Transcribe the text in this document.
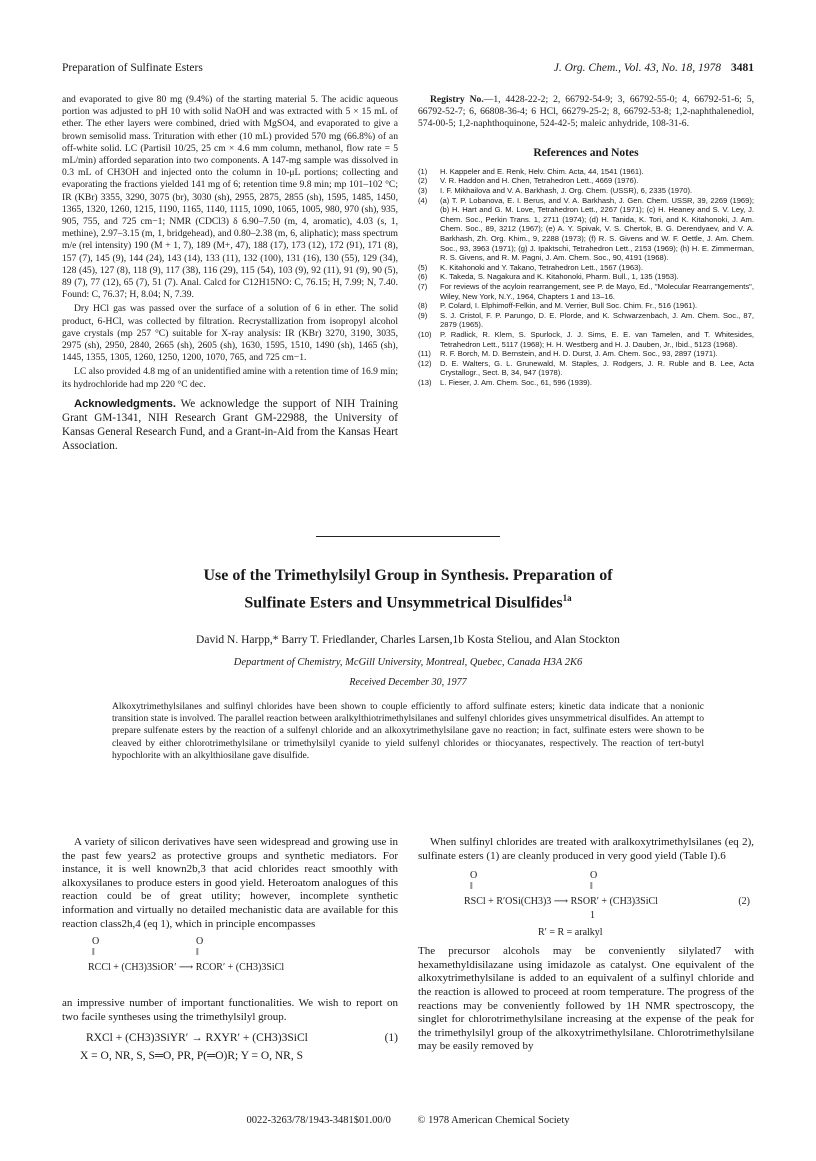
Preparation of Sulfinate Esters	J. Org. Chem., Vol. 43, No. 18, 1978 3481

and evaporated to give 80 mg (9.4%) of the starting material 5. The acidic aqueous portion was adjusted to pH 10 with solid NaOH and was extracted with 5 × 15 mL of ether. The ether layers were combined, dried with MgSO4, and evaporated to give a brown semisolid mass. Trituration with ether (10 mL) provided 570 mg (66.8%) of an off-white solid. LC (Partisil 10/25, 25 cm × 4.6 mm column, methanol, flow rate = 5 mL/min) afforded separation into two components. A 147-mg sample was dissolved in 0.3 mL of CH3OH and injected onto the column in 10-μL portions; collecting and evaporating the fractions yielded 141 mg of 6; retention time 9.8 min; mp 101–102 °C; IR (KBr) 3355, 3290, 3075 (br), 3030 (sh), 2955, 2875, 2855 (sh), 1595, 1485, 1450, 1365, 1320, 1260, 1215, 1190, 1165, 1140, 1115, 1090, 1065, 1005, 980, 970 (sh), 935, 905, 755, and 725 cm−1; NMR (CDCl3) δ 6.90–7.50 (m, 4, aromatic), 4.03 (s, 1, methine), 2.97–3.15 (m, 1, bridgehead), and 0.80–2.38 (m, 6, aliphatic); mass spectrum m/e (rel intensity) 190 (M + 1, 7), 189 (M+, 47), 188 (17), 173 (12), 172 (91), 171 (8), 157 (7), 145 (9), 144 (24), 143 (14), 133 (11), 132 (100), 131 (16), 130 (55), 129 (34), 128 (45), 127 (8), 118 (9), 117 (38), 116 (29), 115 (54), 103 (9), 92 (11), 91 (9), 90 (5), 89 (7), 77 (12), 65 (7), 51 (7). Anal. Calcd for C12H15NO: C, 76.15; H, 7.99; N, 7.40. Found: C, 76.37; H, 8.04; N, 7.39.

Dry HCl gas was passed over the surface of a solution of 6 in ether. The solid product, 6-HCl, was collected by filtration. Recrystallization from isopropyl alcohol gave crystals (mp 257 °C) suitable for X-ray analysis: IR (KBr) 3270, 3190, 3035, 2975 (sh), 2950, 2840, 2665 (sh), 2605 (sh), 1630, 1595, 1510, 1490 (sh), 1465 (sh), 1445, 1355, 1305, 1260, 1250, 1200, 1070, 765, and 725 cm−1.

LC also provided 4.8 mg of an unidentified amine with a retention time of 16.9 min; its hydrochloride had mp 220 °C dec.

Acknowledgments. We acknowledge the support of NIH Training Grant GM-1341, NIH Research Grant GM-22988, the University of Kansas General Research Fund, and a Grant-in-Aid from the Kansas Heart Association.

Registry No.—1, 4428-22-2; 2, 66792-54-9; 3, 66792-55-0; 4, 66792-51-6; 5, 66792-52-7; 6, 66808-36-4; 6 HCl, 66279-25-2; 8, 66792-53-8; 1,2-naphthalenediol, 574-00-5; 1,2-naphthoquinone, 524-42-5; maleic anhydride, 108-31-6.

References and Notes
(1)	H. Kappeler and E. Renk, Helv. Chim. Acta, 44, 1541 (1961).
(2)	V. R. Haddon and H. Chen, Tetrahedron Lett., 4669 (1976).
(3)	I. F. Mikhailova and V. A. Barkhash, J. Org. Chem. (USSR), 6, 2335 (1970).
(4)	(a) T. P. Lobanova, E. I. Berus, and V. A. Barkhash, J. Gen. Chem. USSR, 39, 2269 (1969); (b) H. Hart and G. M. Love, Tetrahedron Lett., 2267 (1971); (c) H. Heaney and S. V. Ley, J. Chem. Soc., Perkin Trans. 1, 2711 (1974); (d) H. Tanida, K. Tori, and K. Kitahonoki, J. Am. Chem. Soc., 89, 3212 (1967); (e) A. Y. Spivak, V. S. Chertok, B. G. Derendyaev, and V. A. Barkhash, Zh. Org. Khim., 9, 2288 (1973); (f) R. S. Givens and W. F. Oettle, J. Am. Chem. Soc., 93, 3963 (1971); (g) J. Ipaktschi, Tetrahedron Lett., 2153 (1969); (h) H. E. Zimmerman, R. S. Givens, and R. M. Pagni, J. Am. Chem. Soc., 90, 4191 (1968).
(5)	K. Kitahonoki and Y. Takano, Tetrahedron Lett., 1567 (1963).
(6)	K. Takeda, S. Nagakura and K. Kitahonoki, Pharm. Bull., 1, 135 (1953).
(7)	For reviews of the acyloin rearrangement, see P. de Mayo, Ed., "Molecular Rearrangements", Wiley, New York, N.Y., 1964, Chapters 1 and 13–16.
(8)	P. Colard, I. Elphimoff-Felkin, and M. Verrier, Bull Soc. Chim. Fr., 516 (1961).
(9)	S. J. Cristol, F. P. Parungo, D. E. Plorde, and K. Schwarzenbach, J. Am. Chem. Soc., 87, 2879 (1965).
(10)	P. Radlick, R. Klem, S. Spurlock, J. J. Sims, E. E. van Tamelen, and T. Whitesides, Tetrahedron Lett., 5117 (1968); H. H. Westberg and H. J. Dauben, Jr., Ibid., 5123 (1968).
(11)	R. F. Borch, M. D. Bernstein, and H. D. Durst, J. Am. Chem. Soc., 93, 2897 (1971).
(12)	D. E. Walters, G. L. Grunewald, M. Staples, J. Rodgers, J. R. Ruble and B. Lee, Acta Crystallogr., Sect. B, 34, 947 (1978).
(13)	L. Fieser, J. Am. Chem. Soc., 61, 596 (1939).
Use of the Trimethylsilyl Group in Synthesis. Preparation of
Sulfinate Esters and Unsymmetrical Disulfides$^{1a}$
David N. Harpp,* Barry T. Friedlander, Charles Larsen,1b Kosta Steliou, and Alan Stockton
Department of Chemistry, McGill University, Montreal, Quebec, Canada H3A 2K6
Received December 30, 1977
Alkoxytrimethylsilanes and sulfinyl chlorides have been shown to couple efficiently to afford sulfinate esters; kinetic data indicate that a nonionic transition state is involved. The parallel reaction between aralkylthiotrimethylsilanes and sulfenyl chlorides gives unsymmetrical disulfides. An attempt to prepare sulfenate esters by the reaction of a sulfenyl chloride and an alkoxytrimethylsilane gave no reaction; in fact, sulfinate esters were shown to be cleaved by either chlorotrimethylsilane or trimethylsilyl cyanide to yield sulfenyl chlorides or thiocyanates, respectively. The reaction of tert-butyl hypochlorite with an alkylthiosilane gave disulfide.

A variety of silicon derivatives have seen widespread and growing use in the past few years2 as protective groups and synthetic mediators. For instance, it is well known2b,3 that acid chlorides react smoothly with alkoxysilanes to produce esters in good yield. Heteroatom analogues of this reaction could be of great utility; however, incomplete synthetic information and virtually no detailed mechanistic data are available for this reaction class2h,4 (eq 1), which in principle encompasses

O
‖
O
‖
RCCl + (CH3)3SiOR′ ⟶ RCOR′ + (CH3)3SiCl

an impressive number of important functionalities. We wish to report on two facile syntheses using the trimethylsilyl group.

RXCl + (CH3)3SiYR′ → RXYR′ + (CH3)3SiCl	(1)
X = O, NR, S, S═O, PR, P(═O)R; Y = O, NR, S

When sulfinyl chlorides are treated with aralkoxytrimethylsilanes (eq 2), sulfinate esters (1) are cleanly produced in very good yield (Table I).6

O
‖
O
‖
RSCl + R′OSi(CH3)3 ⟶ RSOR′ + (CH3)3SiCl	(2)
1
R′ = R = aralkyl

The precursor alcohols may be conveniently silylated7 with hexamethyldisilazane using imidazole as catalyst. One equivalent of the alkoxytrimethylsilane is added to an equivalent of a sulfinyl chloride and the reaction is allowed to proceed at room temperature. The progress of the reactions may be conveniently followed by 1H NMR spectroscopy, the singlet for chlorotrimethylsilane increasing at the expense of the peak for the trimethylsilyl group of the alkoxytrimethylsilane. Chlorotrimethylsilane may be easily removed by

0022-3263/78/1943-3481$01.00/0	© 1978 American Chemical Society
